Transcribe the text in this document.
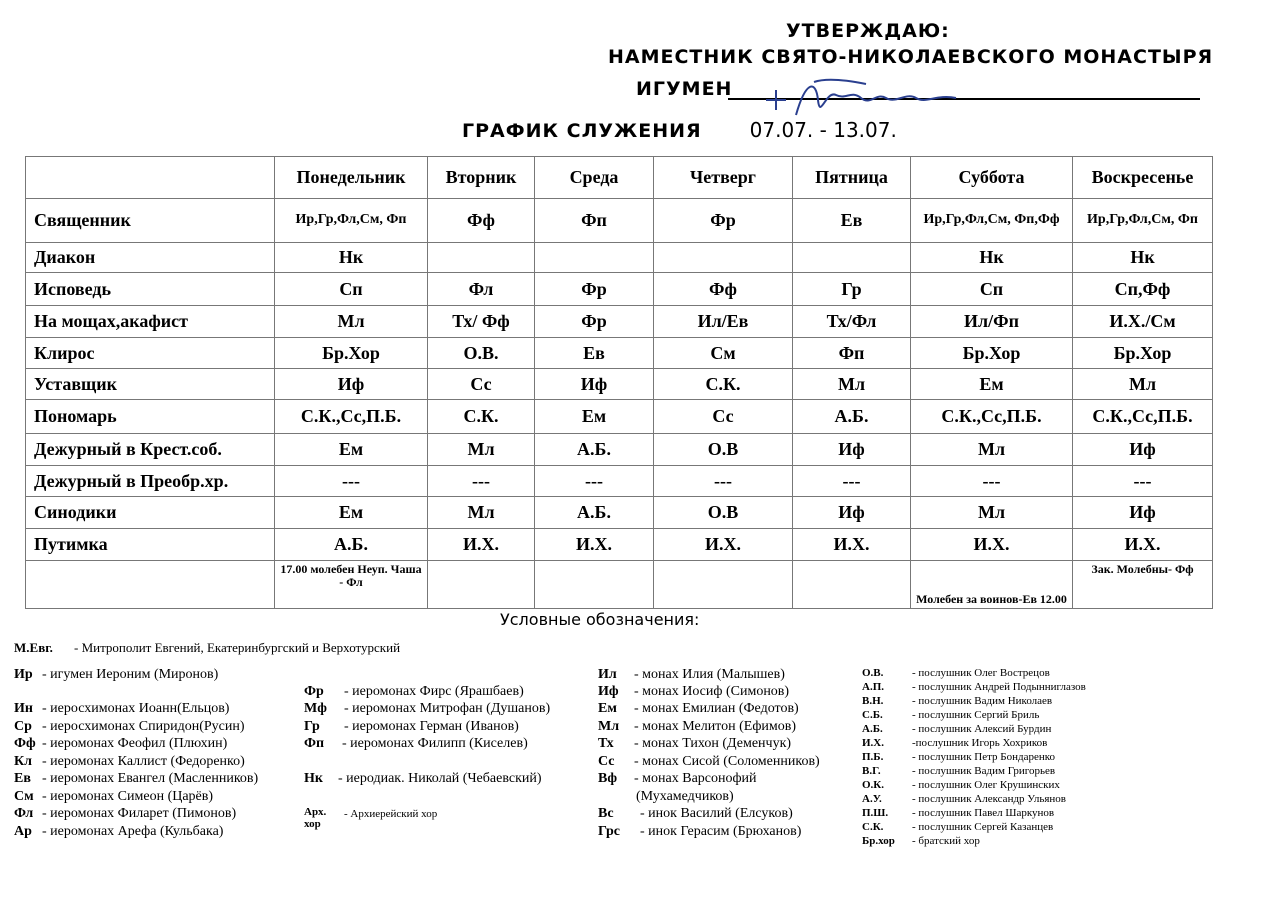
УТВЕРЖДАЮ:
НАМЕСТНИК СВЯТО-НИКОЛАЕВСКОГО МОНАСТЫРЯ
ИГУМЕН
ГРАФИК СЛУЖЕНИЯ 07.07. - 13.07.
	Понедельник	Вторник	Среда	Четверг	Пятница	Суббота	Воскресенье
Священник	Ир,Гр,Фл,См, Фп	Фф	Фп	Фр	Ев	Ир,Гр,Фл,См, Фп,Фф	Ир,Гр,Фл,См, Фп
Диакон	Нк					Нк	Нк
Исповедь	Сп	Фл	Фр	Фф	Гр	Сп	Сп,Фф
На мощах,акафист	Мл	Тх/ Фф	Фр	Ил/Ев	Тх/Фл	Ил/Фп	И.Х./См
Клирос	Бр.Хор	О.В.	Ев	См	Фп	Бр.Хор	Бр.Хор
Уставщик	Иф	Сс	Иф	С.К.	Мл	Ем	Мл
Пономарь	С.К.,Сс,П.Б.	С.К.	Ем	Сс	А.Б.	С.К.,Сс,П.Б.	С.К.,Сс,П.Б.
Дежурный в Крест.соб.	Ем	Мл	А.Б.	О.В	Иф	Мл	Иф
Дежурный в Преобр.хр.	---	---	---	---	---	---	---
Синодики	Ем	Мл	А.Б.	О.В	Иф	Мл	Иф
Путимка	А.Б.	И.Х.	И.Х.	И.Х.	И.Х.	И.Х.	И.Х.
	17.00 молебен Неуп. Чаша - Фл					Молебен за воинов-Ев 12.00	Зак. Молебны- Фф
Условные обозначения:
М.Евг. - Митрополит Евгений, Екатеринбургский и Верхотурский
Ир - игумен Иероним (Миронов)
Ин - иеросхимонах Иоанн(Ельцов)
Ср - иеросхимонах Спиридон(Русин)
Фф - иеромонах Феофил (Плюхин)
Кл - иеромонах Каллист (Федоренко)
Ев - иеромонах Евангел (Масленников)
См - иеромонах Симеон (Царёв)
Фл - иеромонах Филарет (Пимонов)
Ар - иеромонах Арефа (Кульбака)
Фр - иеромонах Фирс (Ярашбаев)
Мф - иеромонах Митрофан (Душанов)
Гр - иеромонах Герман (Иванов)
Фп - иеромонах Филипп (Киселев)
Нк - иеродиак. Николай (Чебаевский)
Арх. хор- Архиерейский хор
Ил - монах Илия (Малышев)
Иф - монах Иосиф (Симонов)
Ем - монах Емилиан (Федотов)
Мл - монах Мелитон (Ефимов)
Тх - монах Тихон (Деменчук)
Сс - монах Сисой (Соломенников)
Вф - монах Варсонофий
(Мухамедчиков)
Вс - инок Василий (Елсуков)
Грс - инок Герасим (Брюханов)
О.В.	- послушник Олег Вострецов
А.П.	- послушник Андрей Подынниглазов
В.Н.	- послушник Вадим Николаев
С.Б.	- послушник Сергий Бриль
А.Б.	- послушник Алексий Бурдин
И.Х.	-послушник Игорь Хохриков
П.Б.	- послушник Петр Бондаренко
В.Г.	- послушник Вадим Григорьев
О.К.	- послушник Олег Крушинских
А.У.	- послушник Александр Ульянов
П.Ш. - послушник Павел Шаркунов
С.К.	- послушник Сергей Казанцев
Бр.хор - братский хор
